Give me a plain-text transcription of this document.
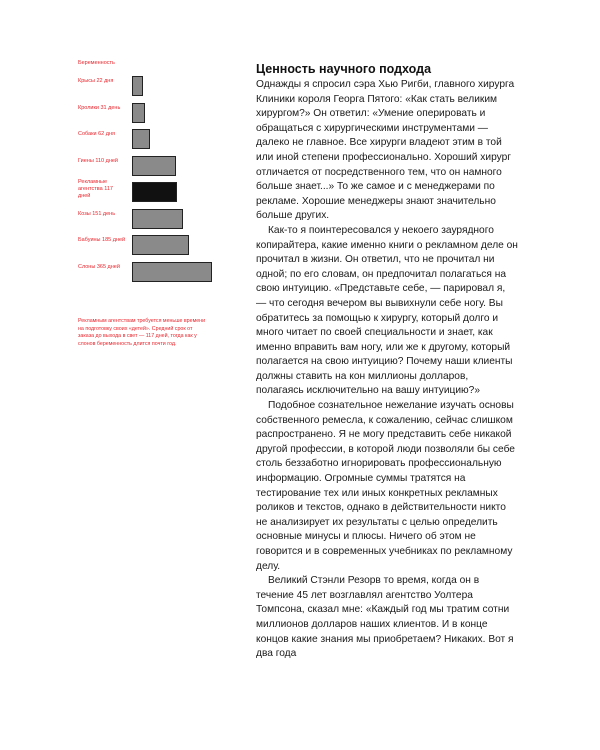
Беременность
Крысы 22 дня
Кролики 31 день
Собаки 62 дня
Гиены 110 дней
Рекламные агентства 117 дней
Козы 151 день
Бабуины 185 дней
Слоны 365 дней
Рекламным агентствам требуется меньше времени на подготовку своих «детей». Средний срок от заказа до выхода в свет — 117 дней, тогда как у слонов беременность длится почти год.
Ценность научного подхода

Однажды я спросил сэра Хью Ригби, главного хирурга Клиники короля Георга Пятого: «Как стать великим хирургом?» Он ответил: «Умение оперировать и обращаться с хирургическими инструментами — далеко не главное. Все хирурги владеют этим в той или иной степени профессионально. Хороший хирург отличается от посредственного тем, что он намного больше знает...» То же самое и с менеджерами по рекламе. Хорошие менеджеры знают значительно больше других.

Как-то я поинтересовался у некоего заурядного копирайтера, какие именно книги о рекламном деле он прочитал в жизни. Он ответил, что не прочитал ни одной; по его словам, он предпочитал полагаться на свою интуицию. «Представьте себе, — парировал я, — что сегодня вечером вы вывихнули себе ногу. Вы обратитесь за помощью к хирургу, который долго и много читает по своей специальности и знает, как именно вправить вам ногу, или же к другому, который полагается на свою интуицию? Почему наши клиенты должны ставить на кон миллионы долларов, полагаясь исключительно на вашу интуицию?»

Подобное сознательное нежелание изучать основы собственного ремесла, к сожалению, сейчас слишком распространено. Я не могу представить себе никакой другой профессии, в которой люди позволяли бы себе столь беззаботно игнорировать профессиональную информацию. Огромные суммы тратятся на тестирование тех или иных конкретных рекламных роликов и текстов, однако в действительности никто не анализирует их результаты с целью определить основные минусы и плюсы. Ничего об этом не говорится и в современных учебниках по рекламному делу.

Великий Стэнли Резорв то время, когда он в течение 45 лет возглавлял агентство Уолтера Томпсона, сказал мне: «Каждый год мы тратим сотни миллионов долларов наших клиентов. И в конце концов какие знания мы приобретаем? Никаких. Вот я два года
